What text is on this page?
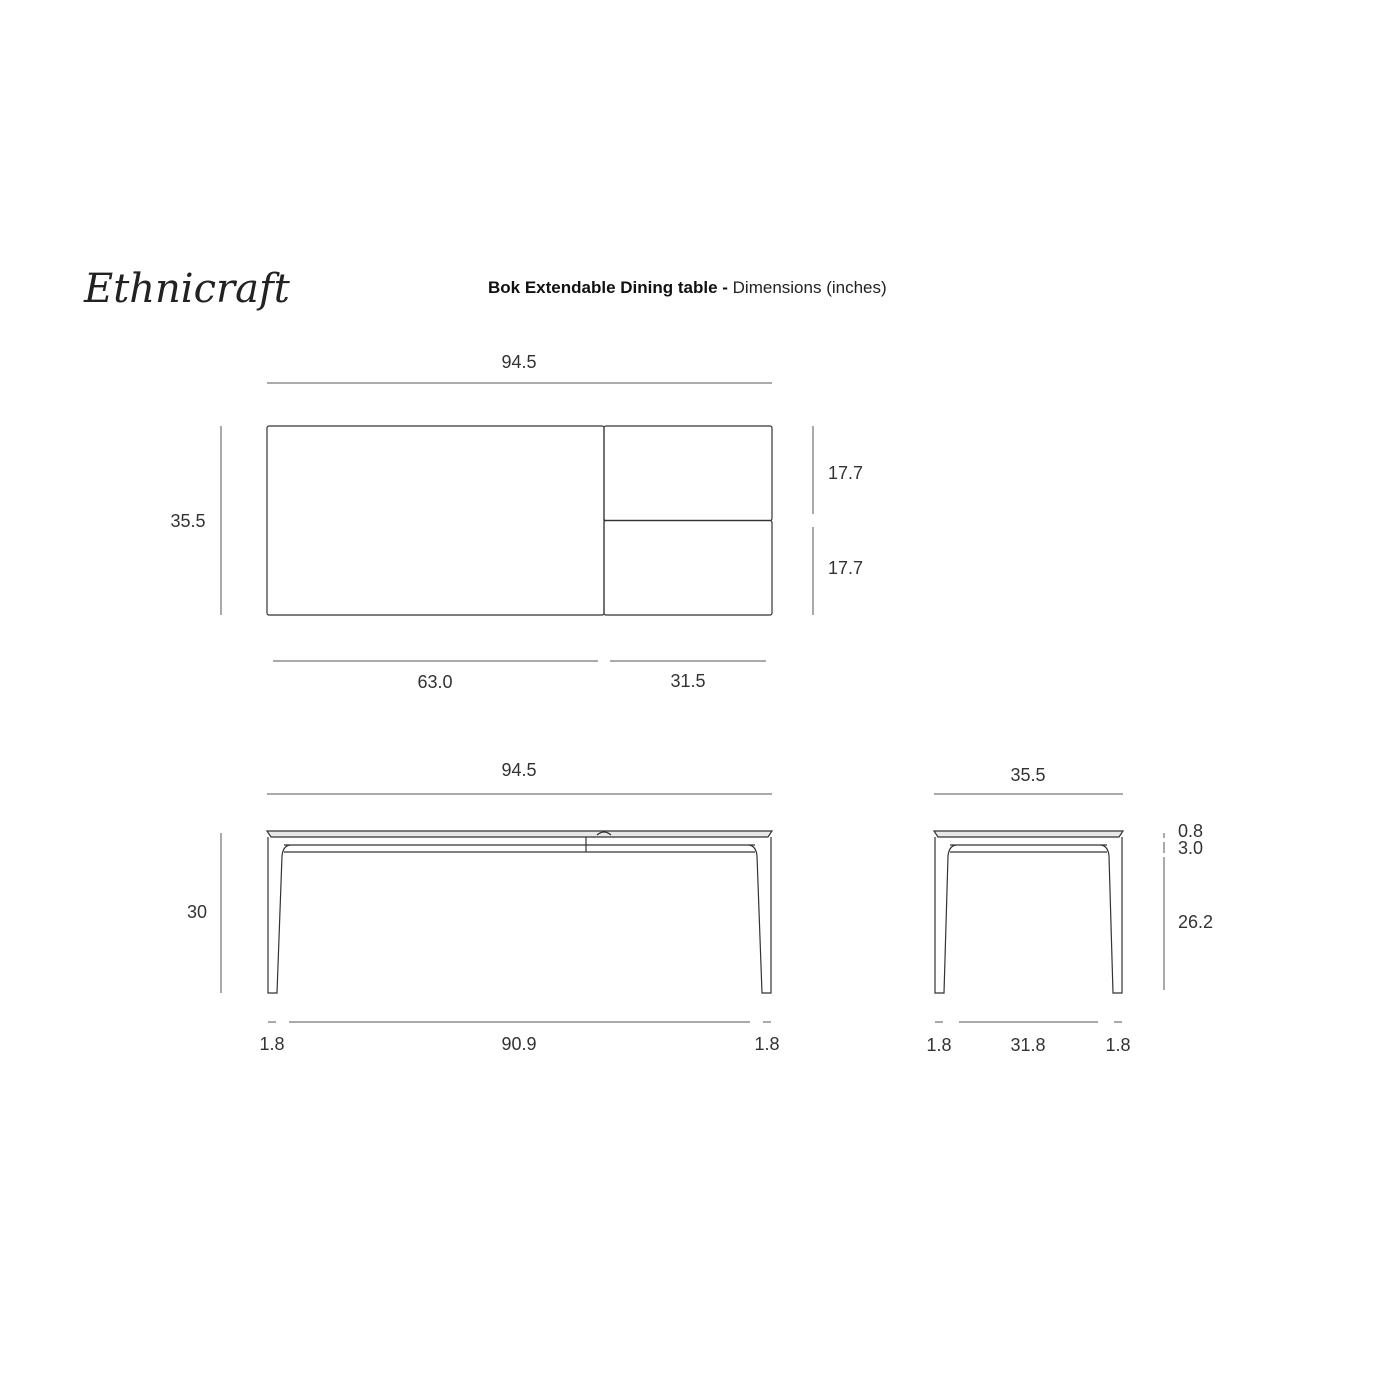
Ethnicraft	Bok Extendable Dining table - Dimensions (inches)
94.5
35.5
17.7
17.7
63.0	31.5
94.5
30
1.8	90.9	1.8
35.5
0.8
3.0
26.2
1.8	31.8	1.8
